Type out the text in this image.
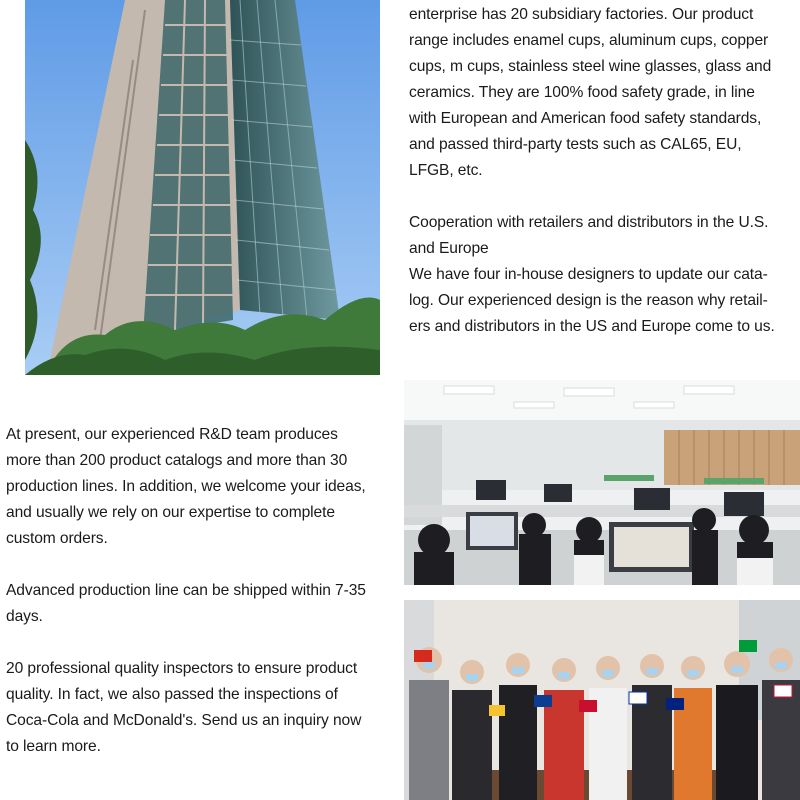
enterprise has 20 subsidiary factories. Our product

range includes enamel cups, aluminum cups, copper

cups, m cups, stainless steel wine glasses, glass and

ceramics. They are 100% food safety grade, in line

with European and American food safety standards,

and passed third-party tests such as CAL65, EU,

LFGB, etc.

Cooperation with retailers and distributors in the U.S.

and Europe

We have four in-house designers to update our cata-

log. Our experienced design is the reason why retail-

ers and distributors in the US and Europe come to us.

At present, our experienced R&D team produces

more than 200 product catalogs and more than 30

production lines. In addition, we welcome your ideas,

and usually we rely on our expertise to complete

custom orders.

Advanced production line can be shipped within 7-35

days.

20 professional quality inspectors to ensure product

quality. In fact, we also passed the inspections of

Coca-Cola and McDonald's. Send us an inquiry now

to learn more.
